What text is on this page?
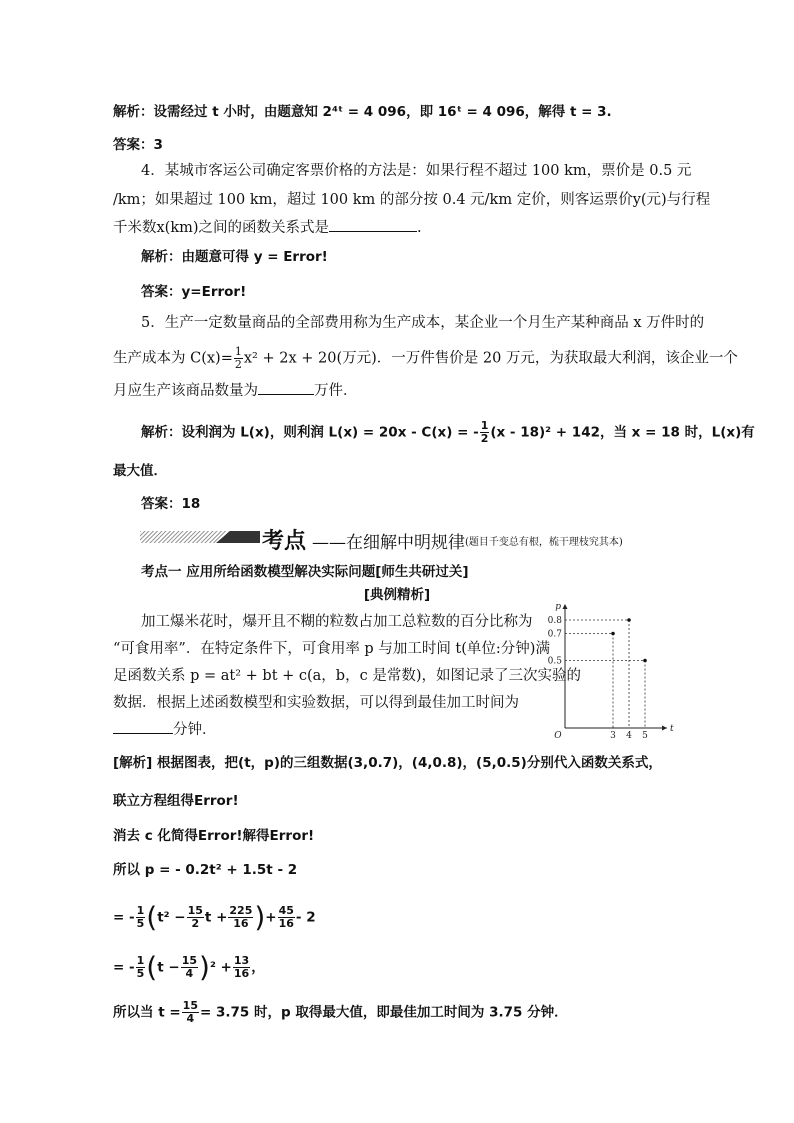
解析：设需经过 t 小时，由题意知 2⁴ᵗ = 4 096，即 16ᵗ = 4 096，解得 t = 3.
答案：3
4．某城市客运公司确定客票价格的方法是：如果行程不超过 100 km，票价是 0.5 元
/km；如果超过 100 km，超过 100 km 的部分按 0.4 元/km 定价，则客运票价y(元)与行程
千米数x(km)之间的函数关系式是	.
解析：由题意可得 y = Error!
答案：y=Error!
5．生产一定数量商品的全部费用称为生产成本，某企业一个月生产某种商品 x 万件时的
生产成本为 $C(x)= \frac{1}{2} x^2 + 2x + 20$(万元)．一万件售价是 20 万元，为获取最大利润，该企业一个
月应生产该商品数量为	万件．
解析：设利润为 L(x)，则利润 L(x) = 20x - C(x) = - $\frac{1}{2} (x - 18)^2 + 142$，当 x = 18 时，L(x)有
最大值．
答案：18
考点 ——在细解中明规律 (题目千变总有根，梳干理枝究其本)
考点一 应用所给函数模型解决实际问题[师生共研过关]
[典例精析]
加工爆米花时，爆开且不糊的粒数占加工总粒数的百分比称为
“可食用率”．在特定条件下，可食用率 p 与加工时间 t(单位:分钟)满
足函数关系 p = at² + bt + c(a，b，c 是常数)，如图记录了三次实验的
数据．根据上述函数模型和实验数据，可以得到最佳加工时间为
分钟．
p
t
O	3 4 5
0.8
0.7
0.5
[解析] 根据图表，把(t，p)的三组数据(3,0.7)，(4,0.8)，(5,0.5)分别代入函数关系式，
联立方程组得Error!
消去 c 化简得Error!解得Error!
所以 p = - 0.2t² + 1.5t - 2
= - $\frac{1}{5} (t^2 - \frac{15}{2}$ $t + \frac{225}{16}$ )+ $\frac{45}{16} - 2$
= - $\frac{1}{5} (t - \frac{15}{4} )^2 + \frac{13}{16}$ ，
所以当 $t = \frac{15}{4} = 3.75$ 时，p 取得最大值，即最佳加工时间为 3.75 分钟．
